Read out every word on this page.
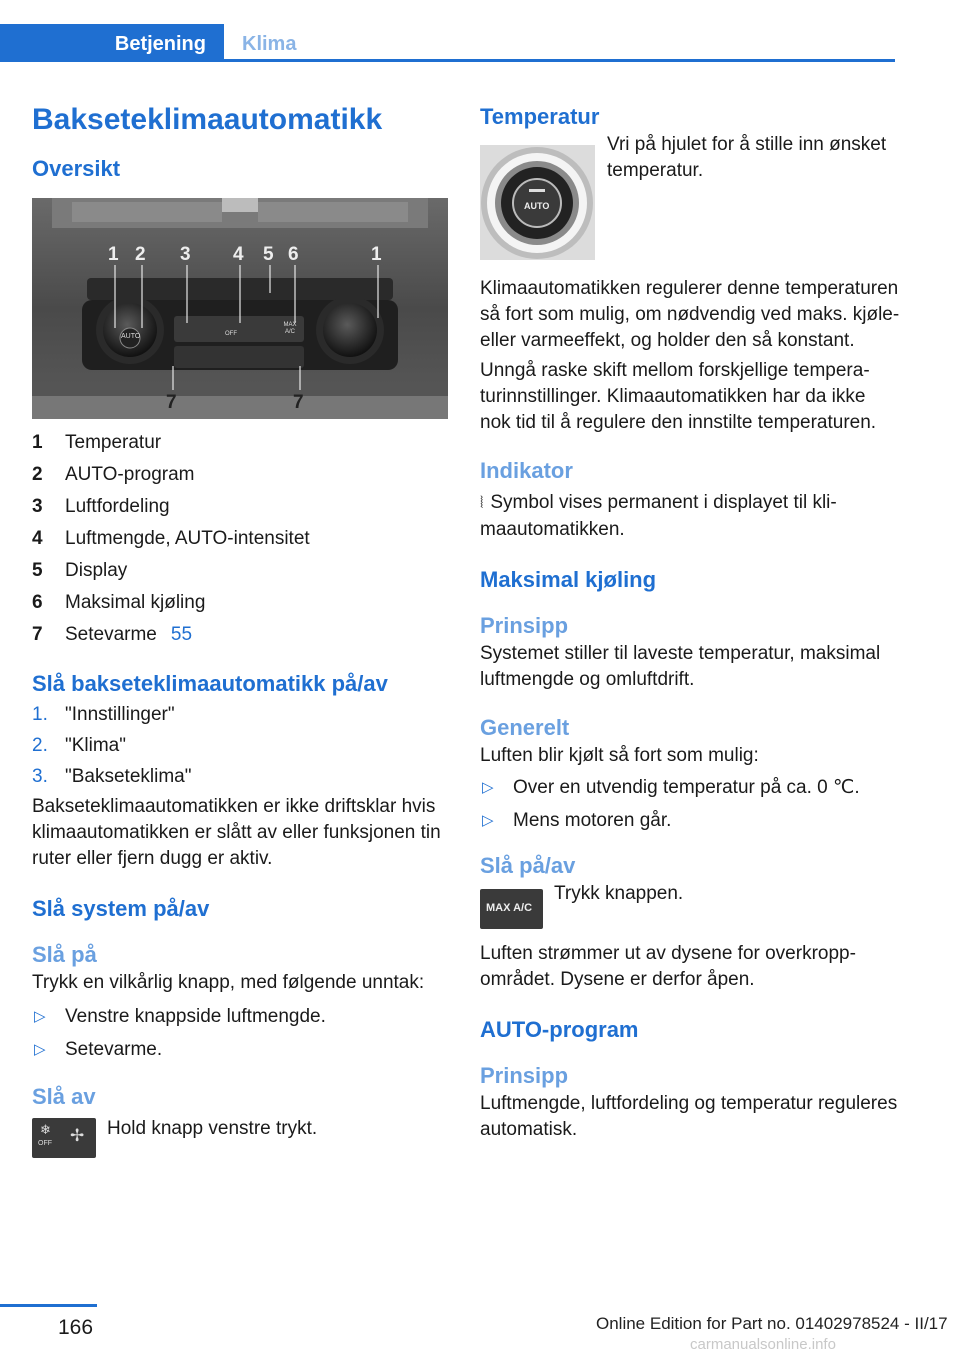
Betjening Klima
Bakseteklimaautomatikk
Oversikt
1 2 3 4 5 6	1
7	7
AUTO
MAX A/C
OFF
1 Temperatur
2 AUTO-program
3 Luftfordeling
4 Luftmengde, AUTO-intensitet
5 Display
6 Maksimal kjøling
7 Setevarme 55
Slå bakseteklimaautomatikk på/av
1. "Innstillinger"
2. "Klima"
3. "Bakseteklima"

Bakseteklimaautomatikken er ikke driftsklar hvis klimaautomatikken er slått av eller funksjonen tin ruter eller fjern dugg er aktiv.

Slå system på/av
Slå på

Trykk en vilkårlig knapp, med følgende unntak:

▷ Venstre knappside luftmengde.
▷ Setevarme.
Slå av
❄
OFF ✢ Hold knapp venstre trykt.

Temperatur
AUTO

Vri på hjulet for å stille inn ønsket temperatur.

Klimaautomatikken regulerer denne temperaturen så fort som mulig, om nødvendig ved maks. kjøle- eller varmeeffekt, og holder den så konstant.

Unngå raske skift mellom forskjellige temperaturinnstillinger. Klimaautomatikken har da ikke nok tid til å regulere den innstilte temperaturen.

Indikator

⦚ Symbol vises permanent i displayet til klimaautomatikken.

Maksimal kjøling
Prinsipp

Systemet stiller til laveste temperatur, maksimal luftmengde og omluftdrift.

Generelt

Luften blir kjølt så fort som mulig:

▷ Over en utvendig temperatur på ca. 0 ℃.
▷ Mens motoren går.
Slå på/av
MAX A/C

Trykk knappen.

Luften strømmer ut av dysene for overkroppområdet. Dysene er derfor åpen.

AUTO-program
Prinsipp

Luftmengde, luftfordeling og temperatur reguleres automatisk.

166	Online Edition for Part no. 01402978524 - II/17
carmanualsonline.info
